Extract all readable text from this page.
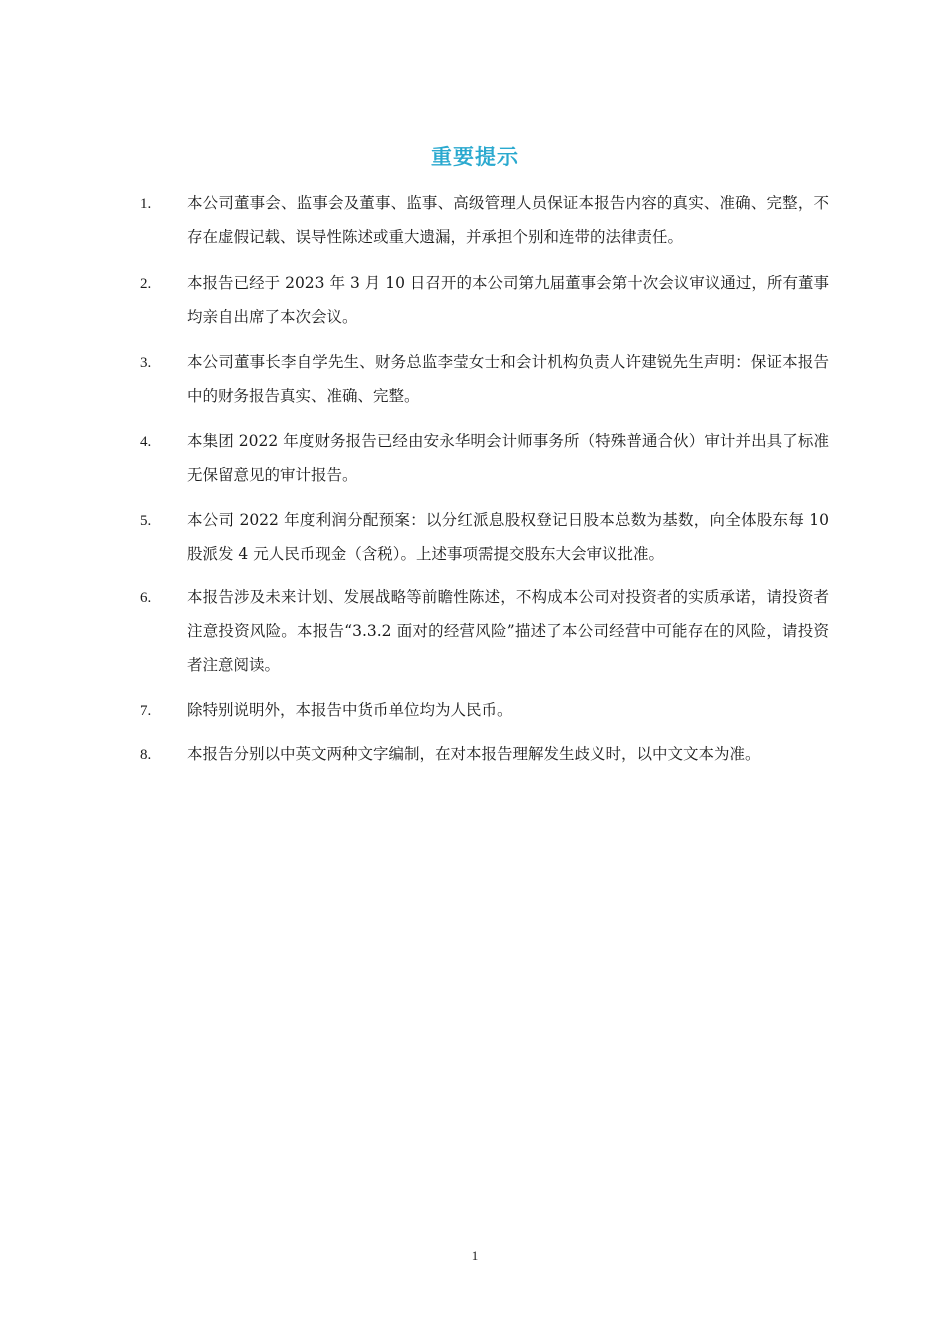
重要提示
1. 本公司董事会、监事会及董事、监事、高级管理人员保证本报告内容的真实、准确、完整，不存在虚假记载、误导性陈述或重大遗漏，并承担个别和连带的法律责任。
2. 本报告已经于 2023 年 3 月 10 日召开的本公司第九届董事会第十次会议审议通过，所有董事均亲自出席了本次会议。
3. 本公司董事长李自学先生、财务总监李莹女士和会计机构负责人许建锐先生声明：保证本报告中的财务报告真实、准确、完整。
4. 本集团 2022 年度财务报告已经由安永华明会计师事务所（特殊普通合伙）审计并出具了标准无保留意见的审计报告。
5. 本公司 2022 年度利润分配预案：以分红派息股权登记日股本总数为基数，向全体股东每 10 股派发 4 元人民币现金（含税）。上述事项需提交股东大会审议批准。
6. 本报告涉及未来计划、发展战略等前瞻性陈述，不构成本公司对投资者的实质承诺，请投资者注意投资风险。本报告“3.3.2 面对的经营风险”描述了本公司经营中可能存在的风险，请投资者注意阅读。
7. 除特别说明外，本报告中货币单位均为人民币。
8. 本报告分别以中英文两种文字编制，在对本报告理解发生歧义时，以中文文本为准。
1
